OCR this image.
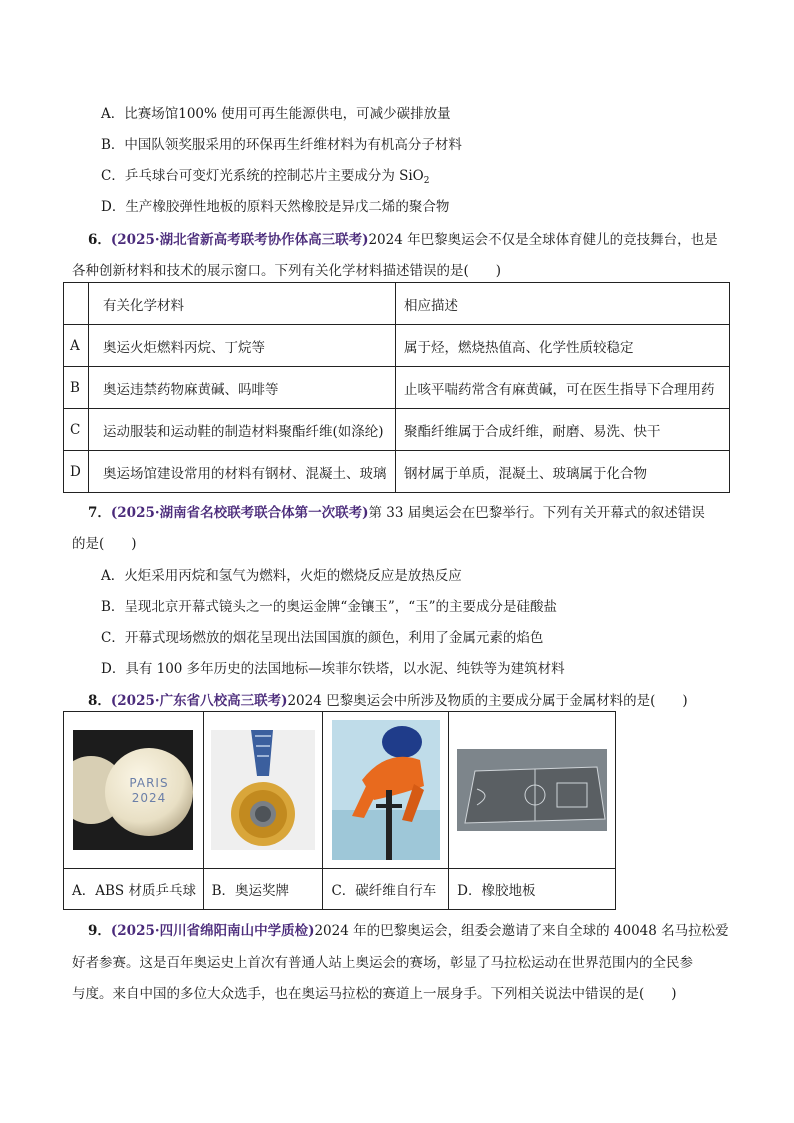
A．比赛场馆100% 使用可再生能源供电，可减少碳排放量
B．中国队领奖服采用的环保再生纤维材料为有机高分子材料
C．乒乓球台可变灯光系统的控制芯片主要成分为 SiO$_2$
D．生产橡胶弹性地板的原料天然橡胶是异戊二烯的聚合物
6．(2025·湖北省新高考联考协作体高三联考)2024 年巴黎奥运会不仅是全球体育健儿的竞技舞台，也是
各种创新材料和技术的展示窗口。下列有关化学材料描述错误的是(　　)
	有关化学材料	相应描述
A	奥运火炬燃料丙烷、丁烷等	属于烃，燃烧热值高、化学性质较稳定
B	奥运违禁药物麻黄碱、吗啡等	止咳平喘药常含有麻黄碱，可在医生指导下合理用药
C	运动服装和运动鞋的制造材料聚酯纤维(如涤纶)	聚酯纤维属于合成纤维，耐磨、易洗、快干
D	奥运场馆建设常用的材料有钢材、混凝土、玻璃	钢材属于单质，混凝土、玻璃属于化合物
7．(2025·湖南省名校联考联合体第一次联考)第 33 届奥运会在巴黎举行。下列有关开幕式的叙述错误
的是(　　)
A．火炬采用丙烷和氢气为燃料，火炬的燃烧反应是放热反应
B．呈现北京开幕式镜头之一的奥运金牌“金镶玉”，“玉”的主要成分是硅酸盐
C．开幕式现场燃放的烟花呈现出法国国旗的颜色，利用了金属元素的焰色
D．具有 100 多年历史的法国地标—埃菲尔铁塔，以水泥、纯铁等为建筑材料
8．(2025·广东省八校高三联考)2024 巴黎奥运会中所涉及物质的主要成分属于金属材料的是(　　)
PARIS
2024

A．ABS 材质乒乓球	B．奥运奖牌	C．碳纤维自行车	D．橡胶地板
9．(2025·四川省绵阳南山中学质检)2024 年的巴黎奥运会，组委会邀请了来自全球的 40048 名马拉松爱
好者参赛。这是百年奥运史上首次有普通人站上奥运会的赛场，彰显了马拉松运动在世界范围内的全民参
与度。来自中国的多位大众选手，也在奥运马拉松的赛道上一展身手。下列相关说法中错误的是(　　)
